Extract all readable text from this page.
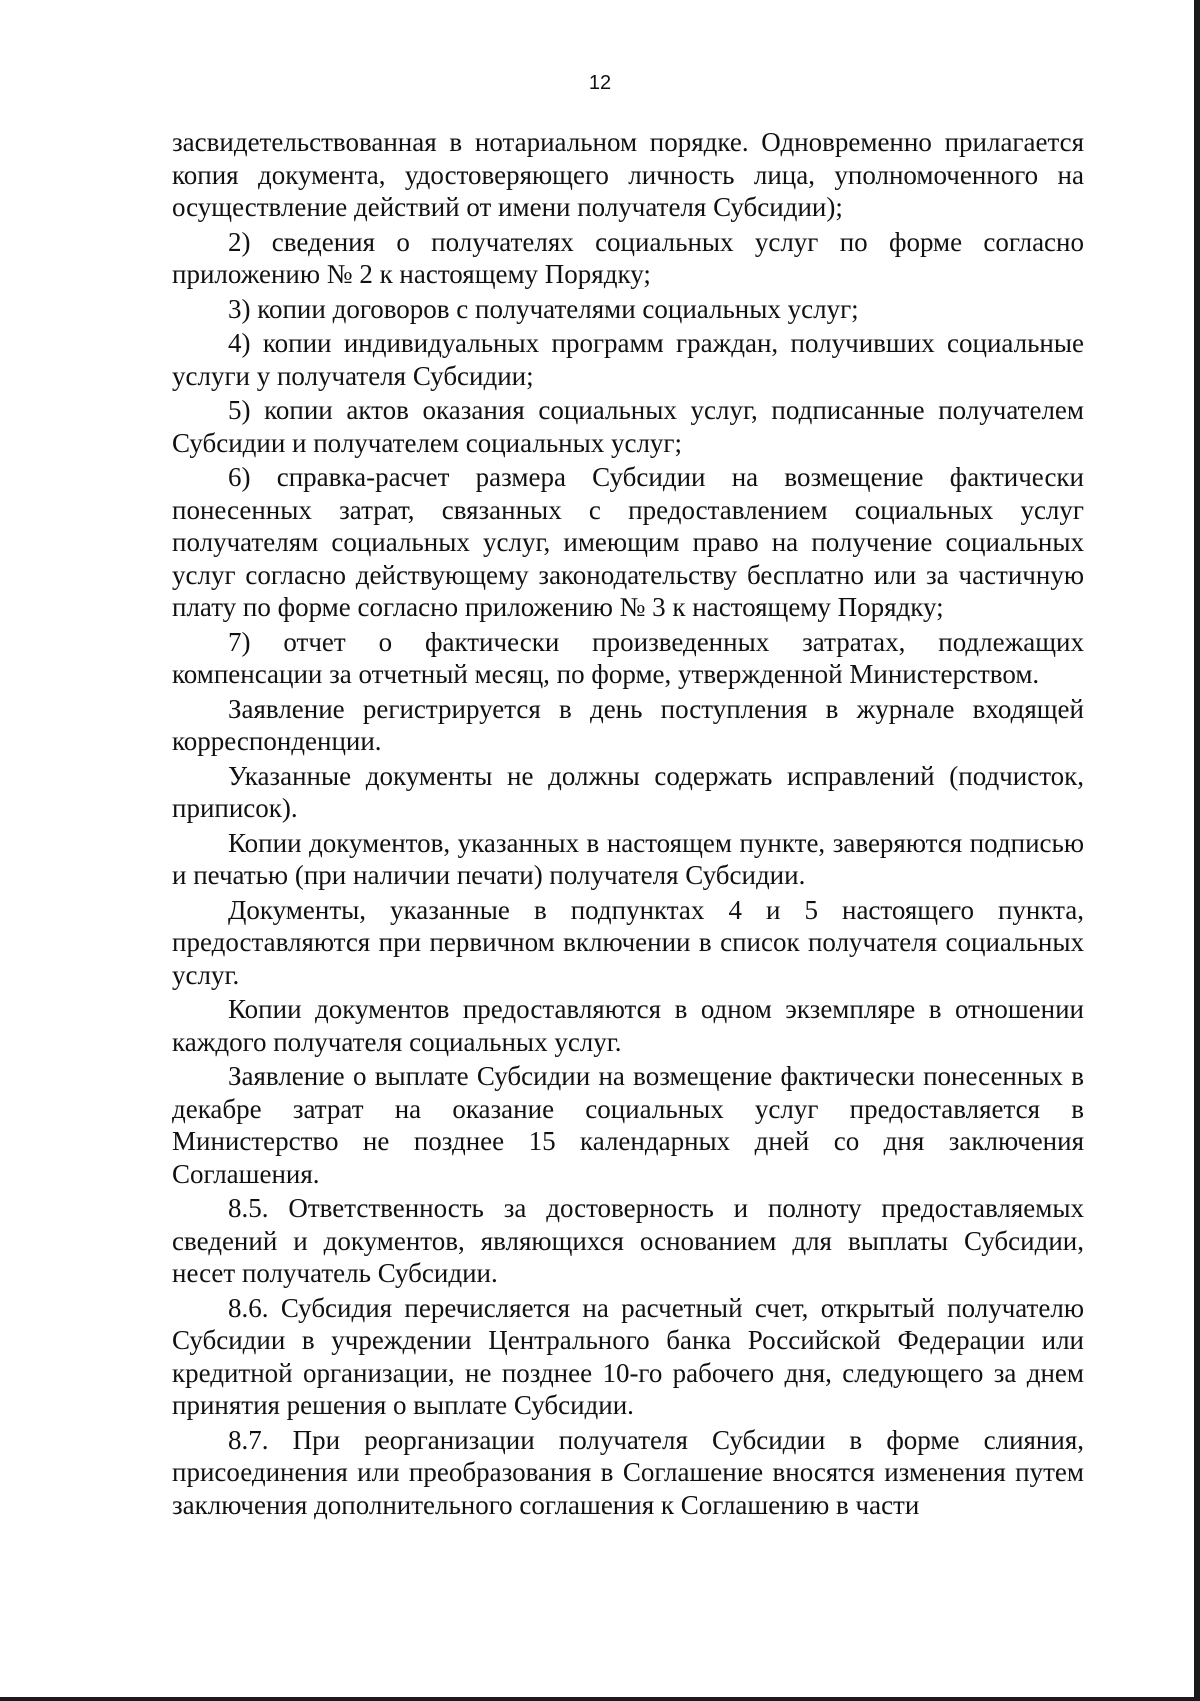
12

засвидетельствованная в нотариальном порядке. Одновременно прилагается копия документа, удостоверяющего личность лица, уполномоченного на осуществление действий от имени получателя Субсидии);

2) сведения о получателях социальных услуг по форме согласно приложению № 2 к настоящему Порядку;

3) копии договоров с получателями социальных услуг;

4) копии индивидуальных программ граждан, получивших социальные услуги у получателя Субсидии;

5) копии актов оказания социальных услуг, подписанные получателем Субсидии и получателем социальных услуг;

6) справка-расчет размера Субсидии на возмещение фактически понесенных затрат, связанных с предоставлением социальных услуг получателям социальных услуг, имеющим право на получение социальных услуг согласно действующему законодательству бесплатно или за частичную плату по форме согласно приложению № 3 к настоящему Порядку;

7) отчет о фактически произведенных затратах, подлежащих компенсации за отчетный месяц, по форме, утвержденной Министерством.

Заявление регистрируется в день поступления в журнале входящей корреспонденции.

Указанные документы не должны содержать исправлений (подчисток, приписок).

Копии документов, указанных в настоящем пункте, заверяются подписью и печатью (при наличии печати) получателя Субсидии.

Документы, указанные в подпунктах 4 и 5 настоящего пункта, предоставляются при первичном включении в список получателя социальных услуг.

Копии документов предоставляются в одном экземпляре в отношении каждого получателя социальных услуг.

Заявление о выплате Субсидии на возмещение фактически понесенных в декабре затрат на оказание социальных услуг предоставляется в Министерство не позднее 15 календарных дней со дня заключения Соглашения.

8.5. Ответственность за достоверность и полноту предоставляемых сведений и документов, являющихся основанием для выплаты Субсидии, несет получатель Субсидии.

8.6. Субсидия перечисляется на расчетный счет, открытый получателю Субсидии в учреждении Центрального банка Российской Федерации или кредитной организации, не позднее 10-го рабочего дня, следующего за днем принятия решения о выплате Субсидии.

8.7. При реорганизации получателя Субсидии в форме слияния, присоединения или преобразования в Соглашение вносятся изменения путем заключения дополнительного соглашения к Соглашению в части
